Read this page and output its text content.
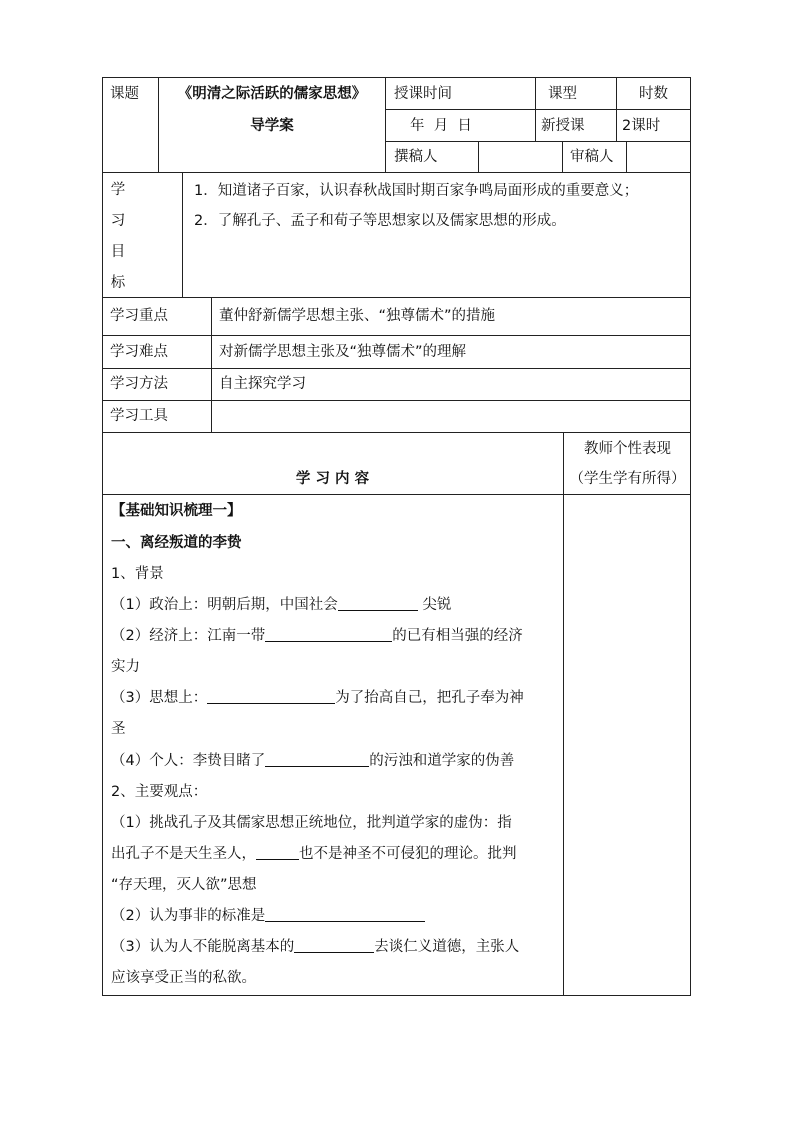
课题	《明清之际活跃的儒家思想》
导学案
授课时间	课型	时数
年  月  日	新授课	2课时
撰稿人	审稿人
学
习
目
标
1．知道诸子百家，认识春秋战国时期百家争鸣局面形成的重要意义；
2．了解孔子、孟子和荀子等思想家以及儒家思想的形成。
学习重点	董仲舒新儒学思想主张、“独尊儒术”的措施
学习难点	对新儒学思想主张及“独尊儒术”的理解
学习方法	自主探究学习
学习工具
学 习 内 容
教师个性表现
（学生学有所得）
【基础知识梳理一】
一、离经叛道的李贽
1、背景
（1）政治上：明朝后期，中国社会	尖锐
（2）经济上：江南一带	的已有相当强的经济
实力
（3）思想上：	为了抬高自己，把孔子奉为神
圣
（4）个人：李贽目睹了	的污浊和道学家的伪善
2、主要观点：
（1）挑战孔子及其儒家思想正统地位，批判道学家的虚伪：指
出孔子不是天生圣人，	也不是神圣不可侵犯的理论。批判
“存天理，灭人欲”思想
（2）认为事非的标准是
（3）认为人不能脱离基本的	去谈仁义道德，主张人
应该享受正当的私欲。
